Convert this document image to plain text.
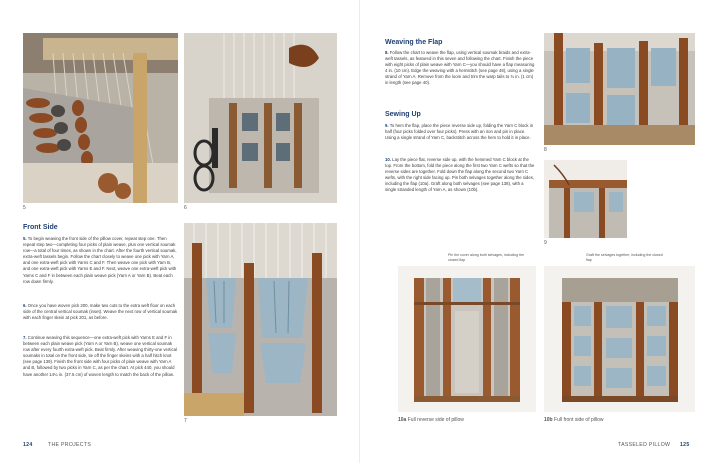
5	6
Front Side

5. To begin weaving the front side of the pillow cover, repeat step one. Then repeat step two—completing four picks of plain weave, plus one vertical soumak row—a total of four times, as shown in the chart. After the fourth vertical soumak, extra-weft tassels begin. Follow the chart closely to weave one pick with Yarn A, and one extra-weft pick with Yarns C and F. Then weave one pick with Yarn B, and one extra-weft pick with Yarns E and F. Next, weave one extra-weft pick with Yarns C and F in between each plain weave pick (Yarn A or Yarn B). Beat each row down firmly.

6. Once you have woven pick 200, make two cuts to the extra weft floor on each side of the central vertical soumak (inset). Weave the next row of vertical soumak with each finger skein at pick 201, as before.

7. Continue weaving this sequence—one extra-weft pick with Yarns E and F in between each plain weave pick (Yarn A or Yarn B), weave one vertical soumak row after every fourth extra-weft pick. Beat firmly. After weaving thirty-one vertical soumaks in total on the front side, tie off the finger skeins with a half hitch knot (see page 139). Finish the front side with four picks of plain weave with Yarn A and B, followed by two picks in Yarn C, as per the chart. At pick 440, you should have another 14¼ in. (37.5 cm) of woven length to match the back of the pillow.

7
124	THE PROJECTS
Weaving the Flap

8. Follow the chart to weave the flap, using vertical soumak braids and extra-weft tassels, as featured in this seven and following the chart. Finish the piece with eight picks of plain weave with Yarn C—you should have a flap measuring 4 in. (10 cm). Edge the weaving with a hemstitch (see page 48), using a single strand of Yarn A. Remove from the loom and trim the warp tails to ¾ in. (1 cm) in length (see page 40).

Sewing Up

9. To hem the flap, place the piece reverse side up, folding the Yarn C block in half (four picks folded over four picks). Press with an iron and pin in place. Using a single strand of Yarn C, backstitch across the hem to hold it in place.

10. Lay the piece flat, reverse side up, with the hemmed Yarn C block at the top. From the bottom, fold the piece along the first two Yarn C wefts so that the reverse sides are together. Fold down the flap along the second two Yarn C wefts, with the right side facing up. Pin both selvages together along the sides, including the flap (10a). Graft along both selvages (see page 138), with a single stranded length of Yarn A, as shown (10b).

8
9
Pin the cover along both selvages, including the closed flap
10a Full reverse side of pillow
Graft the selvages together, including the closed flap
10b Full front side of pillow
TASSELED PILLOW 125
